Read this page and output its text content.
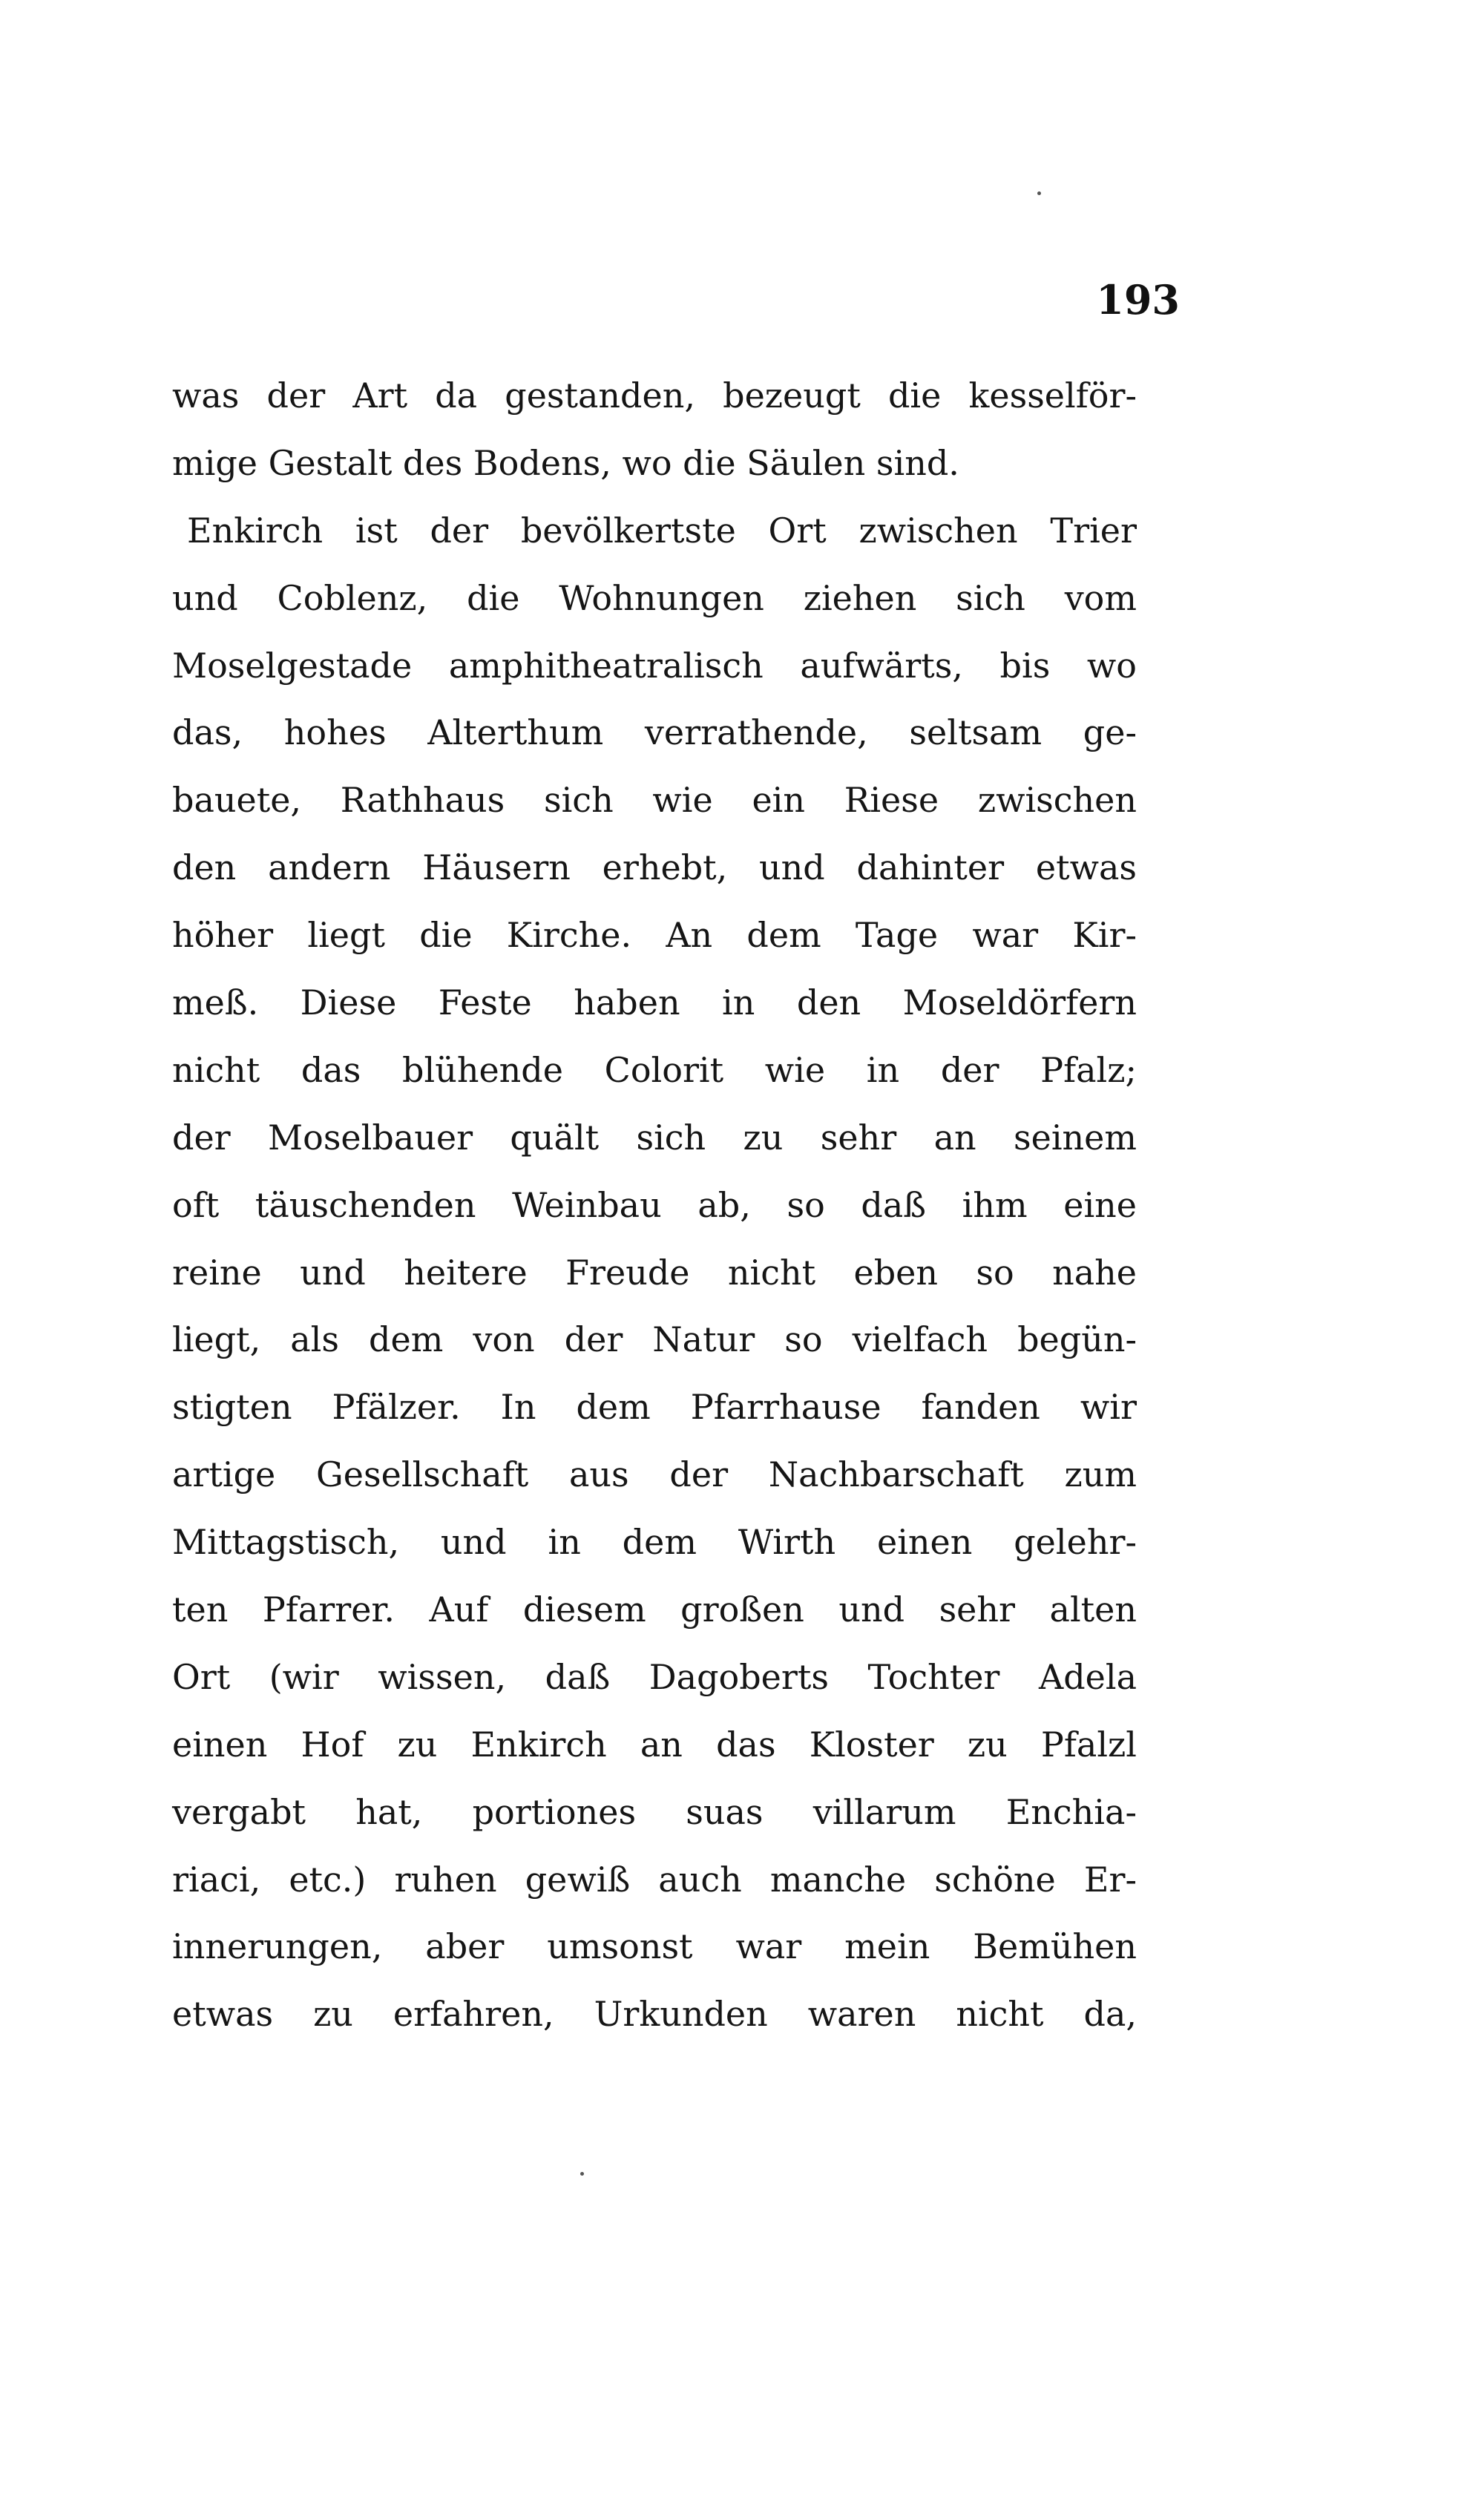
193
was der Art da gestanden, bezeugt die kesselför-
mige Gestalt des Bodens, wo die Säulen sind.
Enkirch ist der bevölkertste Ort zwischen Trier
und Coblenz, die Wohnungen ziehen sich vom
Moselgestade amphitheatralisch aufwärts, bis wo
das, hohes Alterthum verrathende, seltsam ge-
bauete, Rathhaus sich wie ein Riese zwischen
den andern Häusern erhebt, und dahinter etwas
höher liegt die Kirche. An dem Tage war Kir-
meß. Diese Feste haben in den Moseldörfern
nicht das blühende Colorit wie in der Pfalz;
der Moselbauer quält sich zu sehr an seinem
oft täuschenden Weinbau ab, so daß ihm eine
reine und heitere Freude nicht eben so nahe
liegt, als dem von der Natur so vielfach begün-
stigten Pfälzer. In dem Pfarrhause fanden wir
artige Gesellschaft aus der Nachbarschaft zum
Mittagstisch, und in dem Wirth einen gelehr-
ten Pfarrer. Auf diesem großen und sehr alten
Ort (wir wissen, daß Dagoberts Tochter Adela
einen Hof zu Enkirch an das Kloster zu Pfalzl
vergabt hat, portiones suas villarum Enchia-
riaci, etc.) ruhen gewiß auch manche schöne Er-
innerungen, aber umsonst war mein Bemühen
etwas zu erfahren, Urkunden waren nicht da,
